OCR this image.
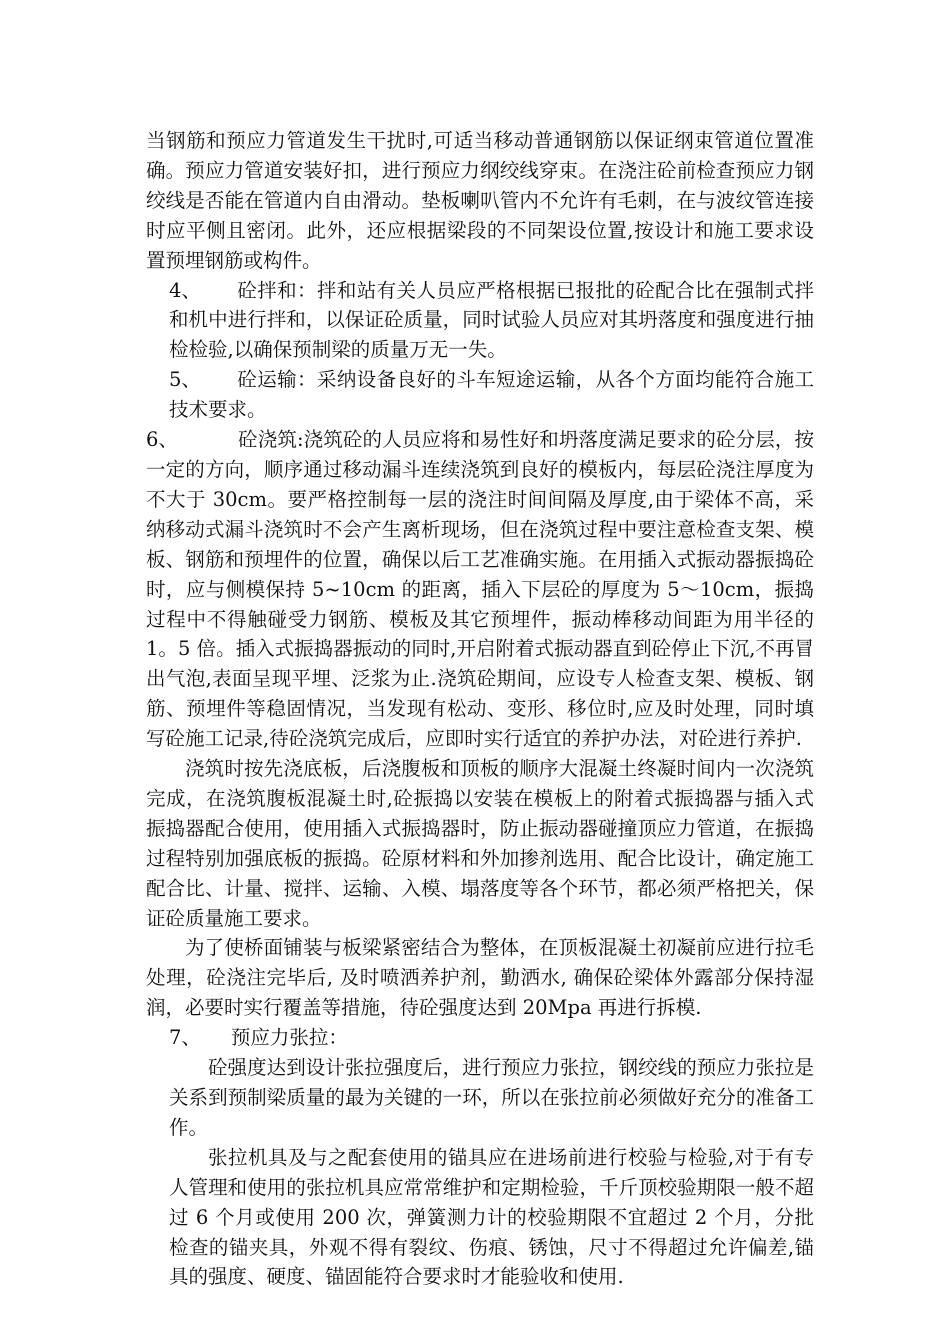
当钢筋和预应力管道发生干扰时,可适当移动普通钢筋以保证纲束管道位置准确。预应力管道安装好扣，进行预应力纲绞线穿束。在浇注砼前检查预应力钢绞线是否能在管道内自由滑动。垫板喇叭管内不允许有毛刺，在与波纹管连接时应平侧且密闭。此外，还应根据梁段的不同架设位置,按设计和施工要求设置预埋钢筋或构件。

4、 砼拌和：拌和站有关人员应严格根据已报批的砼配合比在强制式拌和机中进行拌和，以保证砼质量，同时试验人员应对其坍落度和强度进行抽检检验,以确保预制梁的质量万无一失。

5、 砼运输：采纳设备良好的斗车短途运输，从各个方面均能符合施工技术要求。

6、	砼浇筑:浇筑砼的人员应将和易性好和坍落度满足要求的砼分层，按一定的方向，顺序通过移动漏斗连续浇筑到良好的模板内，每层砼浇注厚度为不大于 30cm。要严格控制每一层的浇注时间间隔及厚度,由于梁体不高，采纳移动式漏斗浇筑时不会产生离析现场，但在浇筑过程中要注意检查支架、模板、钢筋和预埋件的位置，确保以后工艺准确实施。在用插入式振动器振捣砼时，应与侧模保持 5~10cm 的距离，插入下层砼的厚度为 5～10cm，振捣过程中不得触碰受力钢筋、模板及其它预埋件，振动棒移动间距为用半径的 1。5 倍。插入式振捣器振动的同时,开启附着式振动器直到砼停止下沉,不再冒出气泡,表面呈现平埋、泛浆为止.浇筑砼期间，应设专人检查支架、模板、钢筋、预埋件等稳固情况，当发现有松动、变形、移位时,应及时处理，同时填写砼施工记录,待砼浇筑完成后，应即时实行适宜的养护办法，对砼进行养护.

浇筑时按先浇底板，后浇腹板和顶板的顺序大混凝土终凝时间内一次浇筑完成，在浇筑腹板混凝土时,砼振捣以安装在模板上的附着式振捣器与插入式振捣器配合使用，使用插入式振捣器时，防止振动器碰撞顶应力管道，在振捣过程特别加强底板的振捣。砼原材料和外加掺剂选用、配合比设计，确定施工配合比、计量、搅拌、运输、入模、塌落度等各个环节，都必须严格把关，保证砼质量施工要求。

为了使桥面铺装与板梁紧密结合为整体，在顶板混凝土初凝前应进行拉毛处理，砼浇注完毕后, 及时喷洒养护剂，勤洒水, 确保砼梁体外露部分保持湿润，必要时实行覆盖等措施，待砼强度达到 20Mpa 再进行拆模.

7、 预应力张拉：

砼强度达到设计张拉强度后，进行预应力张拉，钢绞线的预应力张拉是关系到预制梁质量的最为关键的一环，所以在张拉前必须做好充分的准备工作。

张拉机具及与之配套使用的锚具应在进场前进行校验与检验,对于有专人管理和使用的张拉机具应常常维护和定期检验，千斤顶校验期限一般不超过 6 个月或使用 200 次，弹簧测力计的校验期限不宜超过 2 个月，分批检查的锚夹具，外观不得有裂纹、伤痕、锈蚀，尺寸不得超过允许偏差,锚具的强度、硬度、锚固能符合要求时才能验收和使用.
